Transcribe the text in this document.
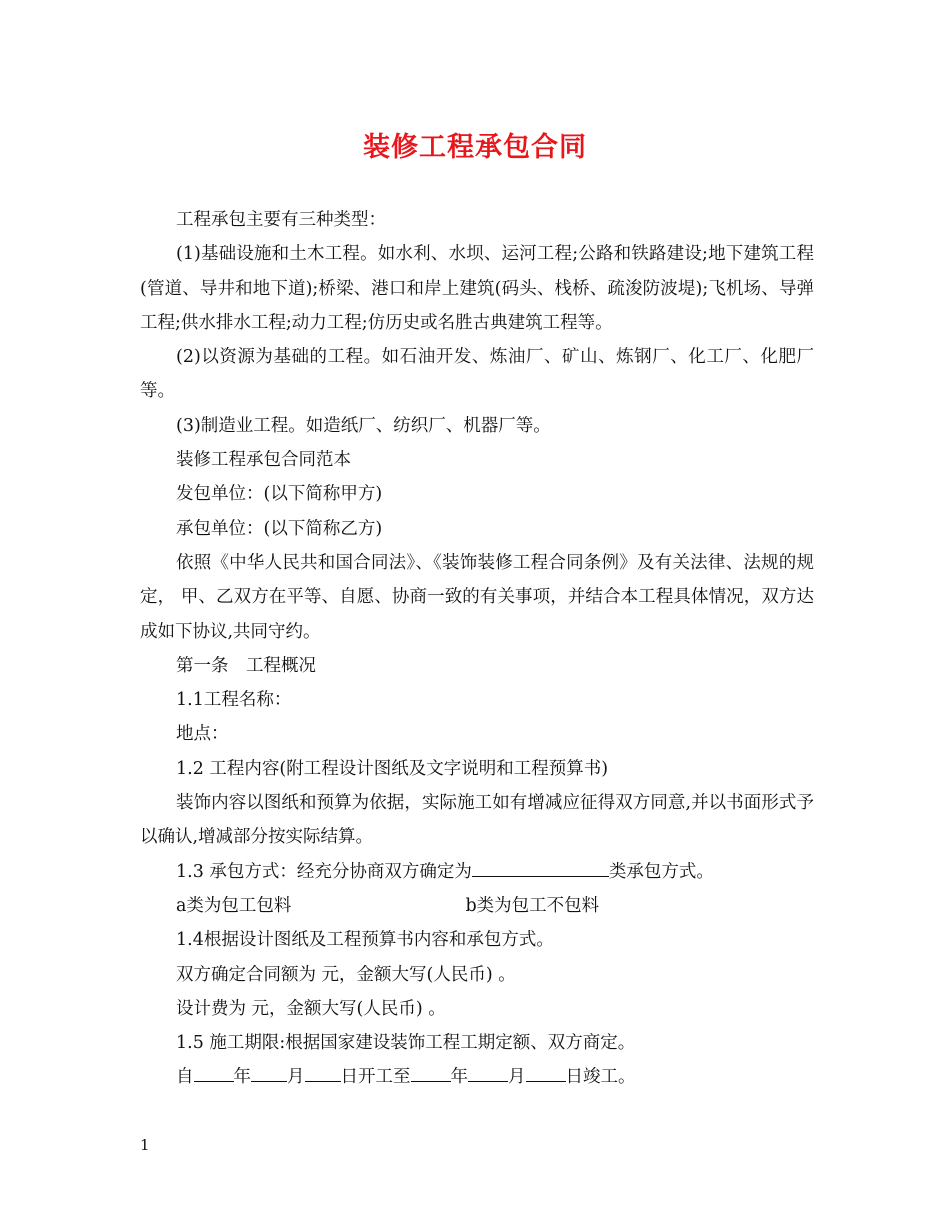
装修工程承包合同

工程承包主要有三种类型：

(1)基础设施和土木工程。如水利、水坝、运河工程;公路和铁路建设;地下建筑工程(管道、导井和地下道);桥梁、港口和岸上建筑(码头、栈桥、疏浚防波堤);飞机场、导弹工程;供水排水工程;动力工程;仿历史或名胜古典建筑工程等。

(2)以资源为基础的工程。如石油开发、炼油厂、矿山、炼钢厂、化工厂、化肥厂等。

(3)制造业工程。如造纸厂、纺织厂、机器厂等。

装修工程承包合同范本

发包单位：(以下简称甲方)

承包单位：(以下简称乙方)

依照《中华人民共和国合同法》、《装饰装修工程合同条例》及有关法律、法规的规定， 甲、乙双方在平等、自愿、协商一致的有关事项，并结合本工程具体情况，双方达成如下协议,共同守约。

第一条　工程概况

1.1工程名称：

地点：

1.2 工程内容(附工程设计图纸及文字说明和工程预算书)

装饰内容以图纸和预算为依据，实际施工如有增减应征得双方同意,并以书面形式予以确认,增减部分按实际结算。

1.3 承包方式：经充分协商双方确定为	类承包方式。

a类为包工包料	b类为包工不包料

1.4根据设计图纸及工程预算书内容和承包方式。

双方确定合同额为 元，金额大写(人民币) 。

设计费为 元，金额大写(人民币) 。

1.5 施工期限:根据国家建设装饰工程工期定额、双方商定。

自 年 月 日开工至 年 月 日竣工。

1
